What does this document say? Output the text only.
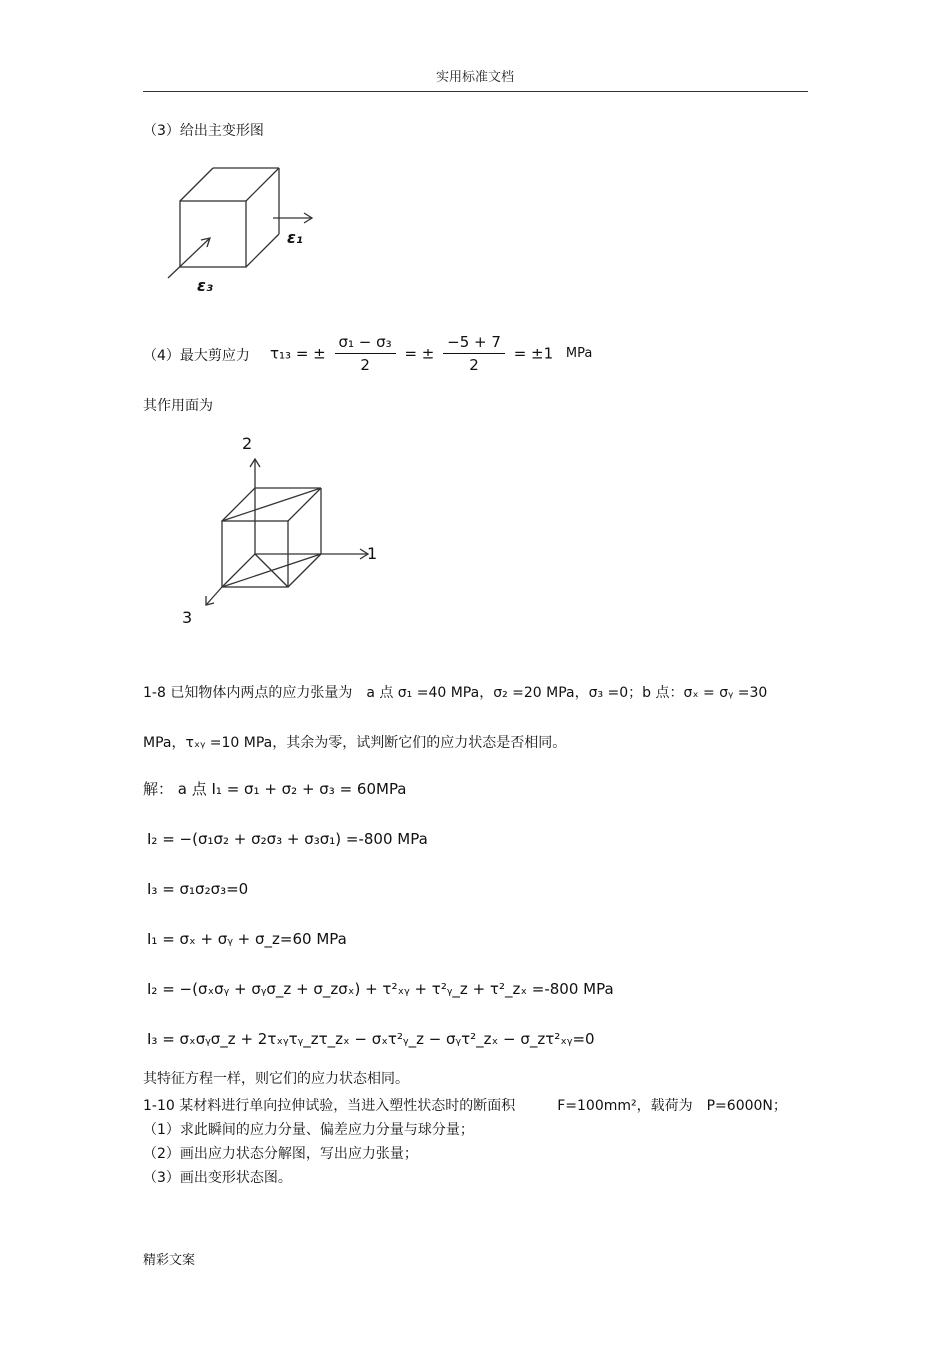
实用标准文档
（3）给出主变形图
ε₁
ε₃
（4）最大剪应力 τ₁₃ = ± $\frac{\text{σ₁ − σ₃}}{2}$ = ± $\frac{-5 + 7}{2} = \pm 1$ MPa
其作用面为
2
1
3
1-8 已知物体内两点的应力张量为　a 点 σ₁ =40 MPa，σ₂ =20 MPa，σ₃ =0；b 点：σₓ = σᵧ =30
MPa，τₓᵧ =10 MPa，其余为零，试判断它们的应力状态是否相同。
解： a 点 I₁ = σ₁ + σ₂ + σ₃ = 60MPa
I₂ = −(σ₁σ₂ + σ₂σ₃ + σ₃σ₁) =-800 MPa
I₃ = σ₁σ₂σ₃=0
I₁ = σₓ + σᵧ + σ_z=60 MPa
I₂ = −(σₓσᵧ + σᵧσ_z + σ_zσₓ) + τ²ₓᵧ + τ²ᵧ_z + τ²_zₓ =-800 MPa
I₃ = σₓσᵧσ_z + 2τₓᵧτᵧ_zτ_zₓ − σₓτ²ᵧ_z − σᵧτ²_zₓ − σ_zτ²ₓᵧ=0
其特征方程一样，则它们的应力状态相同。
1-10 某材料进行单向拉伸试验，当进入塑性状态时的断面积　　　F=100mm²，载荷为　P=6000N；
（1）求此瞬间的应力分量、偏差应力分量与球分量；
（2）画出应力状态分解图，写出应力张量；
（3）画出变形状态图。
精彩文案
